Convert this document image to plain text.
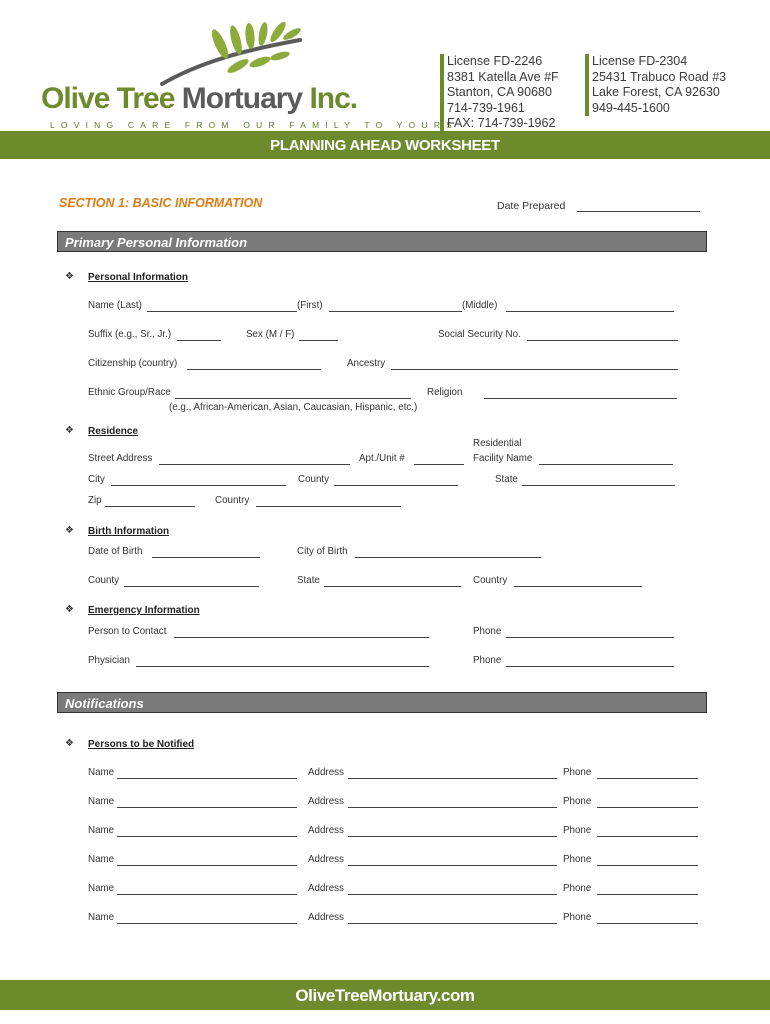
Olive Tree Mortuary Inc.
LOVING CARE FROM OUR FAMILY TO YOURS
License FD-2246
8381 Katella Ave #F
Stanton, CA 90680
714-739-1961
FAX: 714-739-1962
License FD-2304
25431 Trabuco Road #3
Lake Forest, CA 92630
949-445-1600
PLANNING AHEAD WORKSHEET
SECTION 1: BASIC INFORMATION	Date Prepared
Primary Personal Information
❖ Personal Information
Name (Last)	(First)	(Middle)
Suffix (e.g., Sr., Jr.)	Sex (M / F)	Social Security No.
Citizenship (country)	Ancestry
Ethnic Group/Race	Religion
(e.g., African-American, Asian, Caucasian, Hispanic, etc.)
❖ Residence
Residential
Street Address	Apt./Unit #	Facility Name
City	County	State
Zip	Country
❖ Birth Information
Date of Birth	City of Birth
County	State	Country
❖ Emergency Information
Person to Contact	Phone
Physician	Phone
Notifications
❖ Persons to be Notified
Name	Address	Phone
Name	Address	Phone
Name	Address	Phone
Name	Address	Phone
Name	Address	Phone
Name	Address	Phone
OliveTreeMortuary.com
